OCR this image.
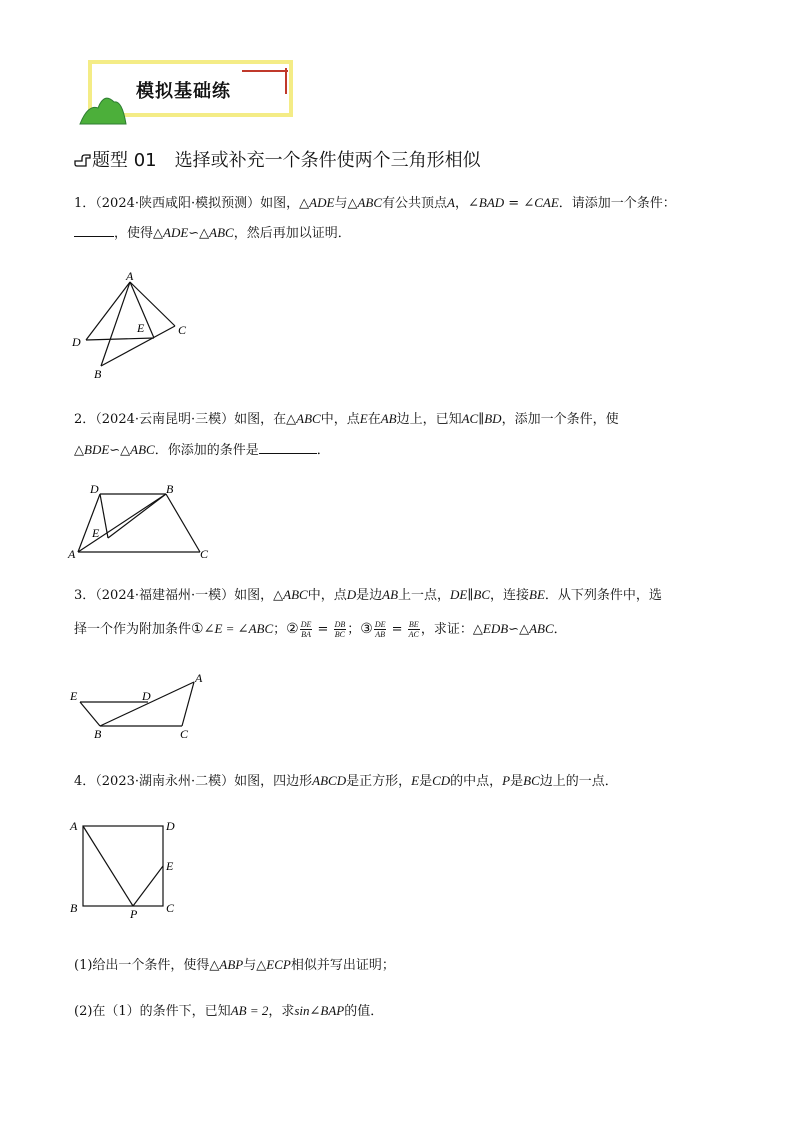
模拟基础练
题型 01　选择或补充一个条件使两个三角形相似
1．（2024·陕西咸阳·模拟预测）如图，△ADE与△ABC有公共顶点A，∠BAD = ∠CAE．请添加一个条件：
，使得△ADE∽△ABC，然后再加以证明．
A
D
E	C
B
2．（2024·云南昆明·三模）如图，在△ABC中，点E在AB边上，已知AC∥BD，添加一个条件，使
△BDE∽△ABC．你添加的条件是	．
D	B
E
A	C
3．（2024·福建福州·一模）如图，△ABC中，点D是边AB上一点，DE∥BC，连接BE．从下列条件中，选
择一个作为附加条件①∠E = ∠ABC；② $\frac{DE}{BA} = \frac{DB}{BC}$ ；③ $\frac{DE}{AB} = \frac{BE}{AC}$ ，求证：△EDB∽△ABC．
E	D
A
B	C
4．（2023·湖南永州·二模）如图，四边形ABCD是正方形，E是CD的中点，P是BC边上的一点．
A	D
E
B	P C
(1)给出一个条件，使得△ABP与△ECP相似并写出证明；
(2)在（1）的条件下，已知AB = 2，求sin∠BAP的值．
